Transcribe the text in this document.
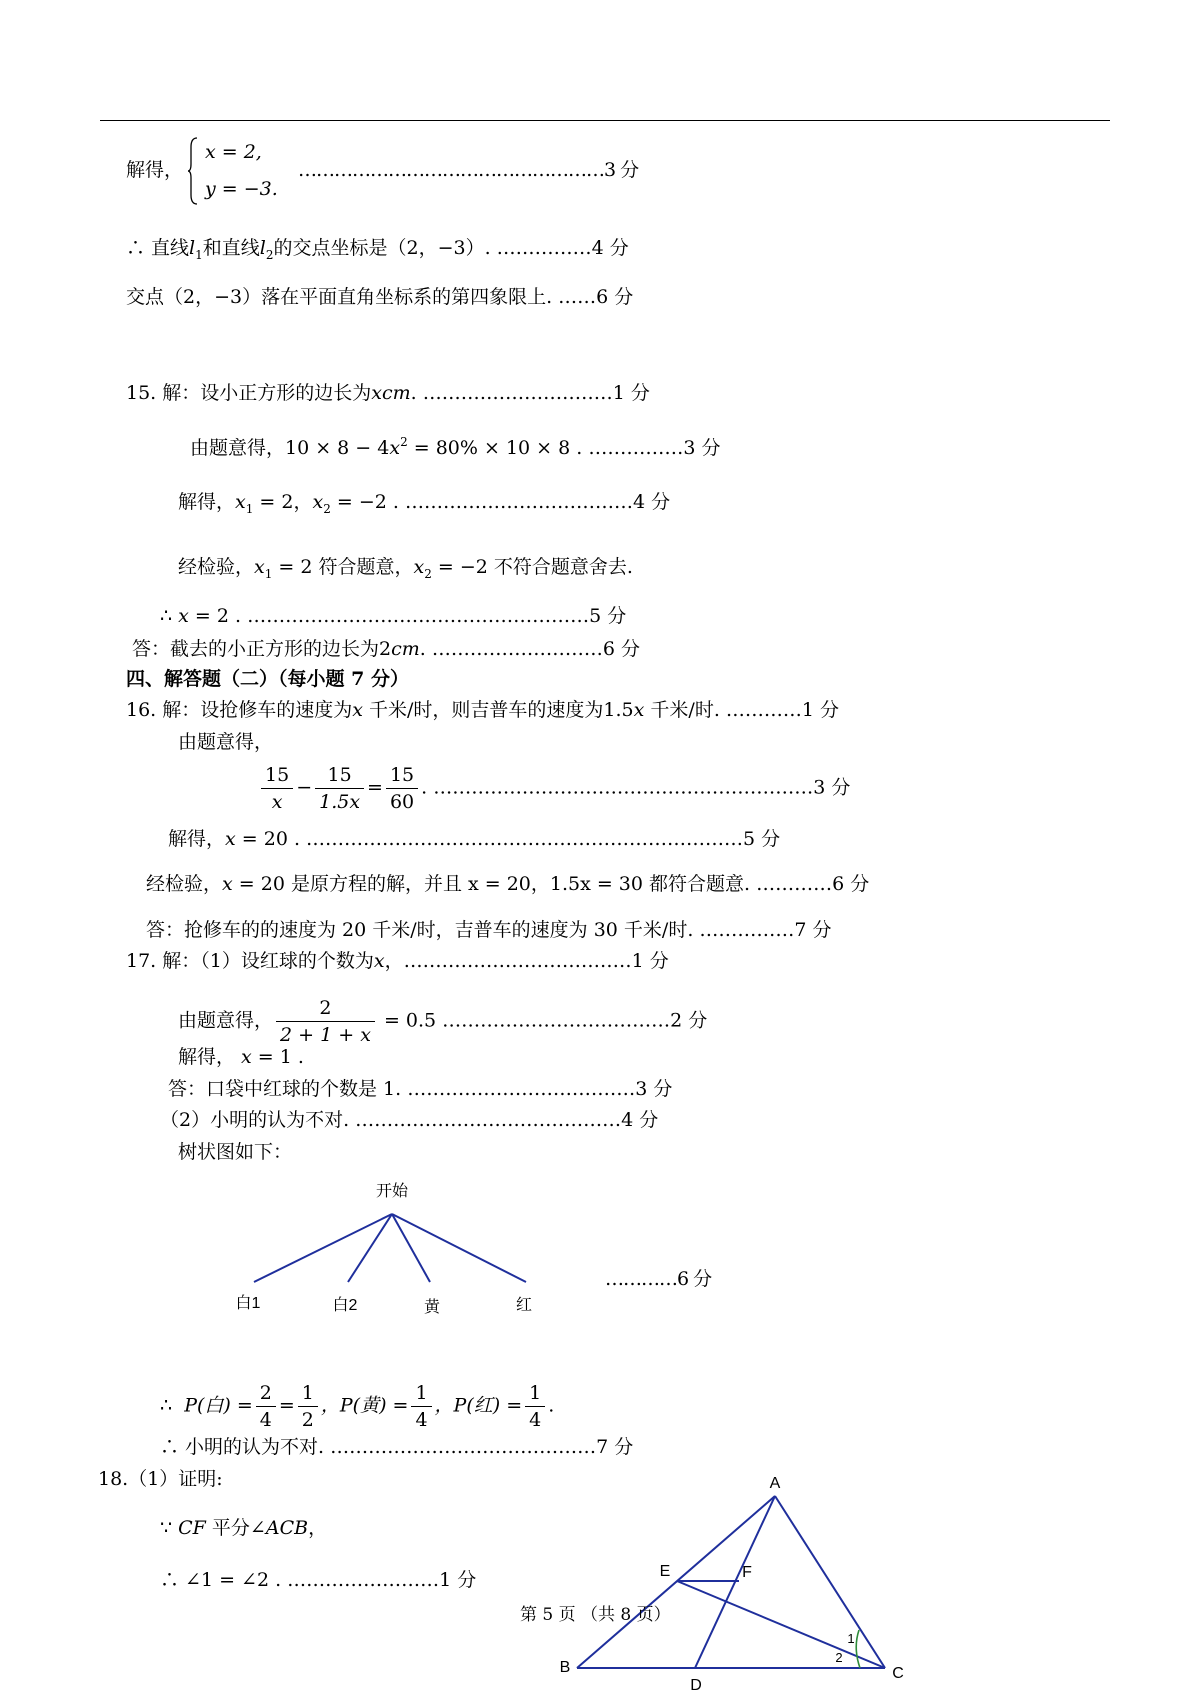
解得，
x = 2,
y = −3.
……………………………………………3 分
∴ 直线$l_1$和直线$l_2$的交点坐标是（2，−3）. ……………4 分
交点（2，−3）落在平面直角坐标系的第四象限上. ……6 分
15. 解：设小正方形的边长为xcm. …………………………1 分
由题意得，$10 \times 8 - 4x^2 = 80\% \times 10 \times 8$ . ……………3 分
解得，$x_1 = 2$，$x_2 = -2$ . ………………………………4 分
经检验，$x_1 = 2$ 符合题意，$x_2 = -2$ 不符合题意舍去.
∴ x = 2 . ………………………………………………5 分
答：截去的小正方形的边长为2cm. ………………………6 分
四、解答题（二）（每小题 7 分）
16. 解：设抢修车的速度为x 千米/时，则吉普车的速度为1.5x 千米/时. …………1 分
由题意得，
$\frac{15}{x} - \frac{15}{1.5x} = \frac{15}{60}$ . ……………………………………………………3 分
解得，x = 20 . ……………………………………………………………5 分
经检验，x = 20 是原方程的解，并且 x = 20，1.5x = 30 都符合题意. …………6 分
答：抢修车的的速度为 20 千米/时，吉普车的速度为 30 千米/时. ……………7 分
17. 解：（1）设红球的个数为x，………………………………1 分
由题意得， $\frac{2}{2 + 1 + x} = 0.5$ ………………………………2 分
解得， x = 1 .
答：口袋中红球的个数是 1. ………………………………3 分
（2）小明的认为不对. ……………………………………4 分
树状图如下：
开始
白1	白2	黄	红
…………6 分
∴ P(白) = $\frac{2}{4} = \frac{1}{2}$ ，P(黄) = $\frac{1}{4}$ ，P(红) = $\frac{1}{4}$ .
∴ 小明的认为不对. ……………………………………7 分
18.（1）证明:
∵ CF 平分∠ACB，
∴ ∠1 = ∠2 . ……………………1 分
A
B	C
D
E	F
1
2
第 5 页 （共 8 页）
